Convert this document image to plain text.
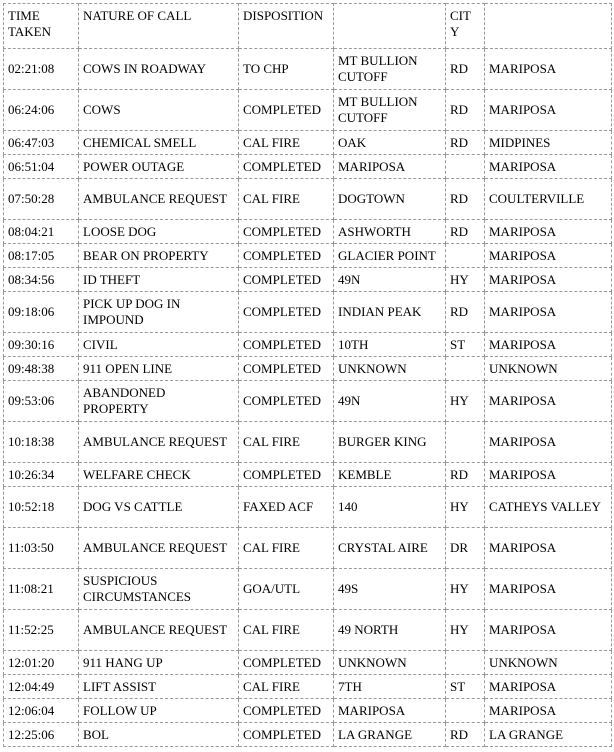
TIME TAKEN	NATURE OF CALL	DISPOSITION		CITY	
02:21:08	COWS IN ROADWAY	TO CHP	MT BULLION CUTOFF	RD	MARIPOSA
06:24:06	COWS	COMPLETED	MT BULLION CUTOFF	RD	MARIPOSA
06:47:03	CHEMICAL SMELL	CAL FIRE	OAK	RD	MIDPINES
06:51:04	POWER OUTAGE	COMPLETED	MARIPOSA		MARIPOSA
07:50:28	AMBULANCE REQUEST	CAL FIRE	DOGTOWN	RD	COULTERVILLE
08:04:21	LOOSE DOG	COMPLETED	ASHWORTH	RD	MARIPOSA
08:17:05	BEAR ON PROPERTY	COMPLETED	GLACIER POINT		MARIPOSA
08:34:56	ID THEFT	COMPLETED	49N	HY	MARIPOSA
09:18:06	PICK UP DOG IN IMPOUND	COMPLETED	INDIAN PEAK	RD	MARIPOSA
09:30:16	CIVIL	COMPLETED	10TH	ST	MARIPOSA
09:48:38	911 OPEN LINE	COMPLETED	UNKNOWN		UNKNOWN
09:53:06	ABANDONED PROPERTY	COMPLETED	49N	HY	MARIPOSA
10:18:38	AMBULANCE REQUEST	CAL FIRE	BURGER KING		MARIPOSA
10:26:34	WELFARE CHECK	COMPLETED	KEMBLE	RD	MARIPOSA
10:52:18	DOG VS CATTLE	FAXED ACF	140	HY	CATHEYS VALLEY
11:03:50	AMBULANCE REQUEST	CAL FIRE	CRYSTAL AIRE	DR	MARIPOSA
11:08:21	SUSPICIOUS CIRCUMSTANCES	GOA/UTL	49S	HY	MARIPOSA
11:52:25	AMBULANCE REQUEST	CAL FIRE	49 NORTH	HY	MARIPOSA
12:01:20	911 HANG UP	COMPLETED	UNKNOWN		UNKNOWN
12:04:49	LIFT ASSIST	CAL FIRE	7TH	ST	MARIPOSA
12:06:04	FOLLOW UP	COMPLETED	MARIPOSA		MARIPOSA
12:25:06	BOL	COMPLETED	LA GRANGE	RD	LA GRANGE
